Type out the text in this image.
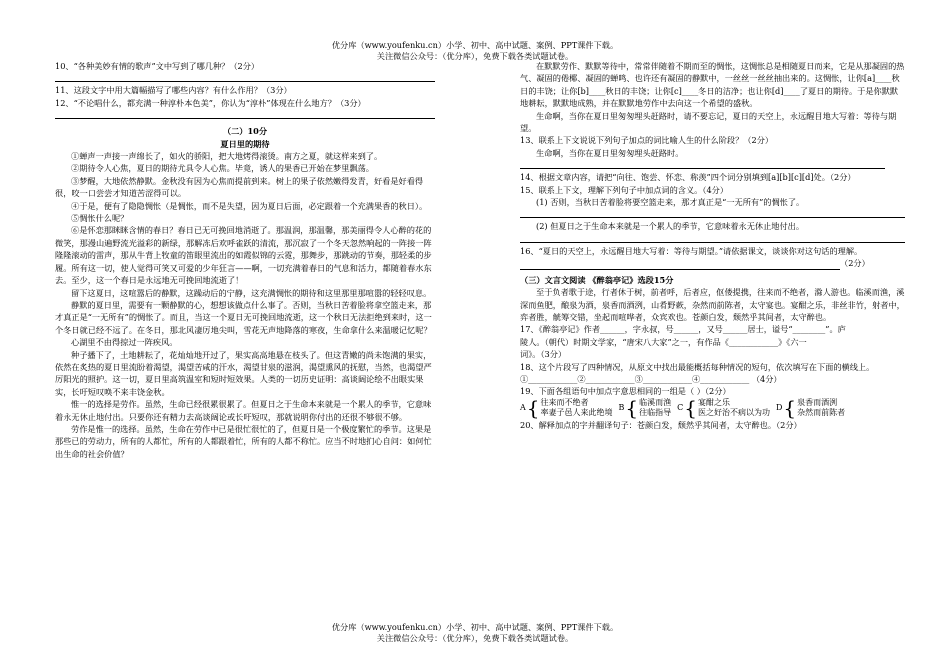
优分库（www.youfenku.cn）小学、初中、高中试题、案例、PPT课件下载。
关注微信公众号：（优分库），免费下载各类试题试卷。

10、“各种美妙有情的歌声”文中写到了哪几种？（2分）

11、这段文字中用大篇幅描写了哪些内容？有什么作用？（3分）

12、“不论唱什么，都充满一种淳朴本色美”，你认为“淳朴”体现在什么地方？（3分）

（二）10分

夏日里的期待

①蝉声一声接一声绵长了，如火的骄阳，把大地烤得滚烫。南方之夏，就这样来到了。

②期待令人心焦，夏日的期待尤具令人心焦。毕竟，诱人的果香已开始在梦里飘荡。

③梦醒，大地依然静默。金秋没有因为心焦而提前到来。树上的果子依然嫩得发青，好看是好看得很，咬一口尝尝才知道苦涩得可以。

④于是，便有了隐隐惆怅（是惆怅，而不是失望，因为夏日后面，必定跟着一个充满果香的秋日）。

⑤惆怅什么呢？

⑥是怀恋那眯眯含情的春日？春日已无可挽回地消逝了。那温润，那温馨，那美丽得令人心醉的花的微笑，那漫山遍野流光溢彩的新绿，那解冻后欢呼雀跃的清流，那沉寂了一个冬天忽然响起的一阵接一阵隆隆滚动的雷声，那从牛背上牧童的笛眼里流出的如霞似锦的云霓，那舞步，那跳动的节奏，那轻柔的步履。所有这一切，使人觉得可笑又可爱的少年狂言——啊，一切充满着春日的气息和活力，都随着春水东去。至少，这一个春日是永远地无可挽回地流逝了！

留下这夏日，这喧嚣后的静默，这躁动后的宁静，这充满惆怅的期待和这里那里那喧嚣的轻轻叹息。

静默的夏日里，需要有一颗静默的心，想想该做点什么事了。否则，当秋日苦着脸将拿空篮走来，那才真正是“一无所有”的惆怅了。而且，当这一个夏日无可挽回地流逝，这一个秋日无法拒绝到来时，这一个冬日就已经不远了。在冬日，那北风凄厉地尖叫，雪花无声地降落的寒夜，生命拿什么来温暖记忆呢？

心湖里不由得掠过一阵疾风。

种子播下了，土地耕耘了，花灿灿地开过了，果实高高地悬在枝头了。但这青嫩的尚未饱满的果实，依然在炙热的夏日里流盼着渴望，渴望苦咸的汗水，渴望甘泉的滋润，渴望熏风的抚慰，当然，也渴望严厉阳光的照护。这一切，夏日里高筑温室和短时短效果。人类的一切历史证明：高谈阔论绘不出眼实果实，长吁短叹唤不来丰饶金秋。

惟一的选择是劳作。虽然，生命已经很累很累了。但夏日之于生命本来就是一个累人的季节，它意味着永无休止地付出。只要你还有精力去高谈阔论或长吁短叹，那就说明你付出的还很不够很不够。

劳作是惟一的选择。虽然，生命在劳作中已是很忙很忙的了，但夏日是一个极度繁忙的季节。这果是那些已的劳动力，所有的人都忙，所有的人都跟着忙，所有的人都不称忙。应当不时地扪心自问：如何忙出生命的社会价值？

在默默劳作、默默等待中，常常伴随着不期而至的惆怅，这惆怅总是相随夏日而来，它是从那凝固的热气、凝固的倦椰、凝固的蝉鸣、也许还有凝固的静默中，一丝丝一丝丝抽出来的。这惆怅，让你[a]____秋日的丰饶；让你[b]____秋日的丰饶；让你[c]____冬日的洁净；也让你[d]____了夏日的期待。于是你默默地耕耘，默默地成熟，并在默默地劳作中去向这一个希望的盛秋。

生命啊，当你在夏日里匆匆埋头赶路时，请不要忘记，夏日的天空上，永远醒目地大写着：等待与期望。

13、联系上下文说说下列句子加点的词比喻人生的什么阶段？（2分）

生命啊，当你在夏日里匆匆埋头赶路时。

14、根据文章内容，请把“向往、饱尝、怀恋、称羡”四个词分别填到[a][b][c][d]处。（2分）

15、联系上下文，理解下列句子中加点词的含义。（4分）

(1) 否则，当秋日苦着脸将要空篮走来，那才真正是“一无所有”的惆怅了。

(2) 但夏日之于生命本来就是一个累人的季节，它意味着永无休止地付出。

16、“夏日的天空上，永远醒目地大写着：等待与期望。”请依据课文，谈谈你对这句话的理解。

（2分）

（三）文言文阅读 《醉翁亭记》选段15分

至于负者歌于途，行者休于树，前者呼，后者应，伛偻提携，往来而不绝者，滁人游也。临溪而渔，溪深而鱼肥，酿泉为酒，泉香而酒洌，山肴野蔌，杂然而前陈者，太守宴也。宴酣之乐，非丝非竹，射者中，弈者胜，觥筹交错，坐起而喧哗者，众宾欢也。苍颜白发，颓然乎其间者，太守醉也。

17、《醉翁亭记》作者______，字永叔，号______，又号______居士，谥号“________”。庐

陵人。（朝代）时期文学家，“唐宋八大家”之一，有作品《____________》《六一

词》。（3分）

18、这个片段写了四种情况，从原文中找出最能概括每种情况的短句，依次填写在下面的横线上。

①____________②____________③____________④____________ （4分）

19、下面各组语句中加点字意思相同的一组是（ ）（2分）

A { 往来而不绝者
率妻子邑人来此绝境
B { 临溪而渔
往临指导
C { 宴酣之乐
医之好治不病以为功
D { 泉香而酒洌
杂然而前陈者

20、解释加点的字并翻译句子：苍颜白发，颓然乎其间者，太守醉也。（2分）

优分库（www.youfenku.cn）小学、初中、高中试题、案例、PPT课件下载。
关注微信公众号：（优分库），免费下载各类试题试卷。
